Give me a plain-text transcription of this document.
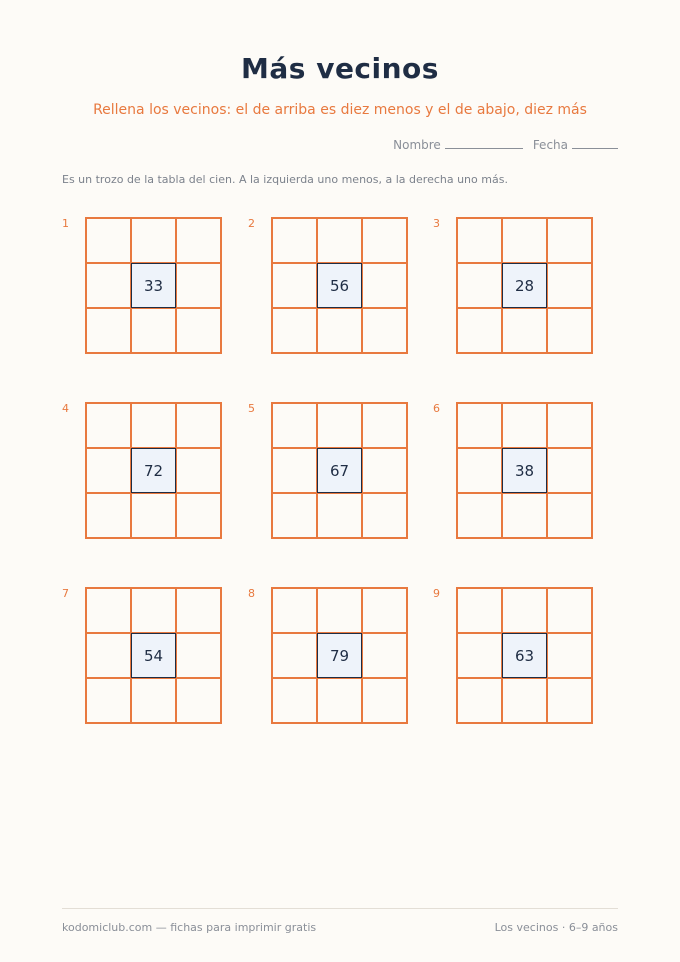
Más vecinos
Rellena los vecinos: el de arriba es diez menos y el de abajo, diez más
Nombre	Fecha
Es un trozo de la tabla del cien. A la izquierda uno menos, a la derecha uno más.
1
33
2
56
3
28
4
72
5
67
6
38
7
54
8
79
9
63
kodomiclub.com — fichas para imprimir gratis	Los vecinos · 6–9 años
